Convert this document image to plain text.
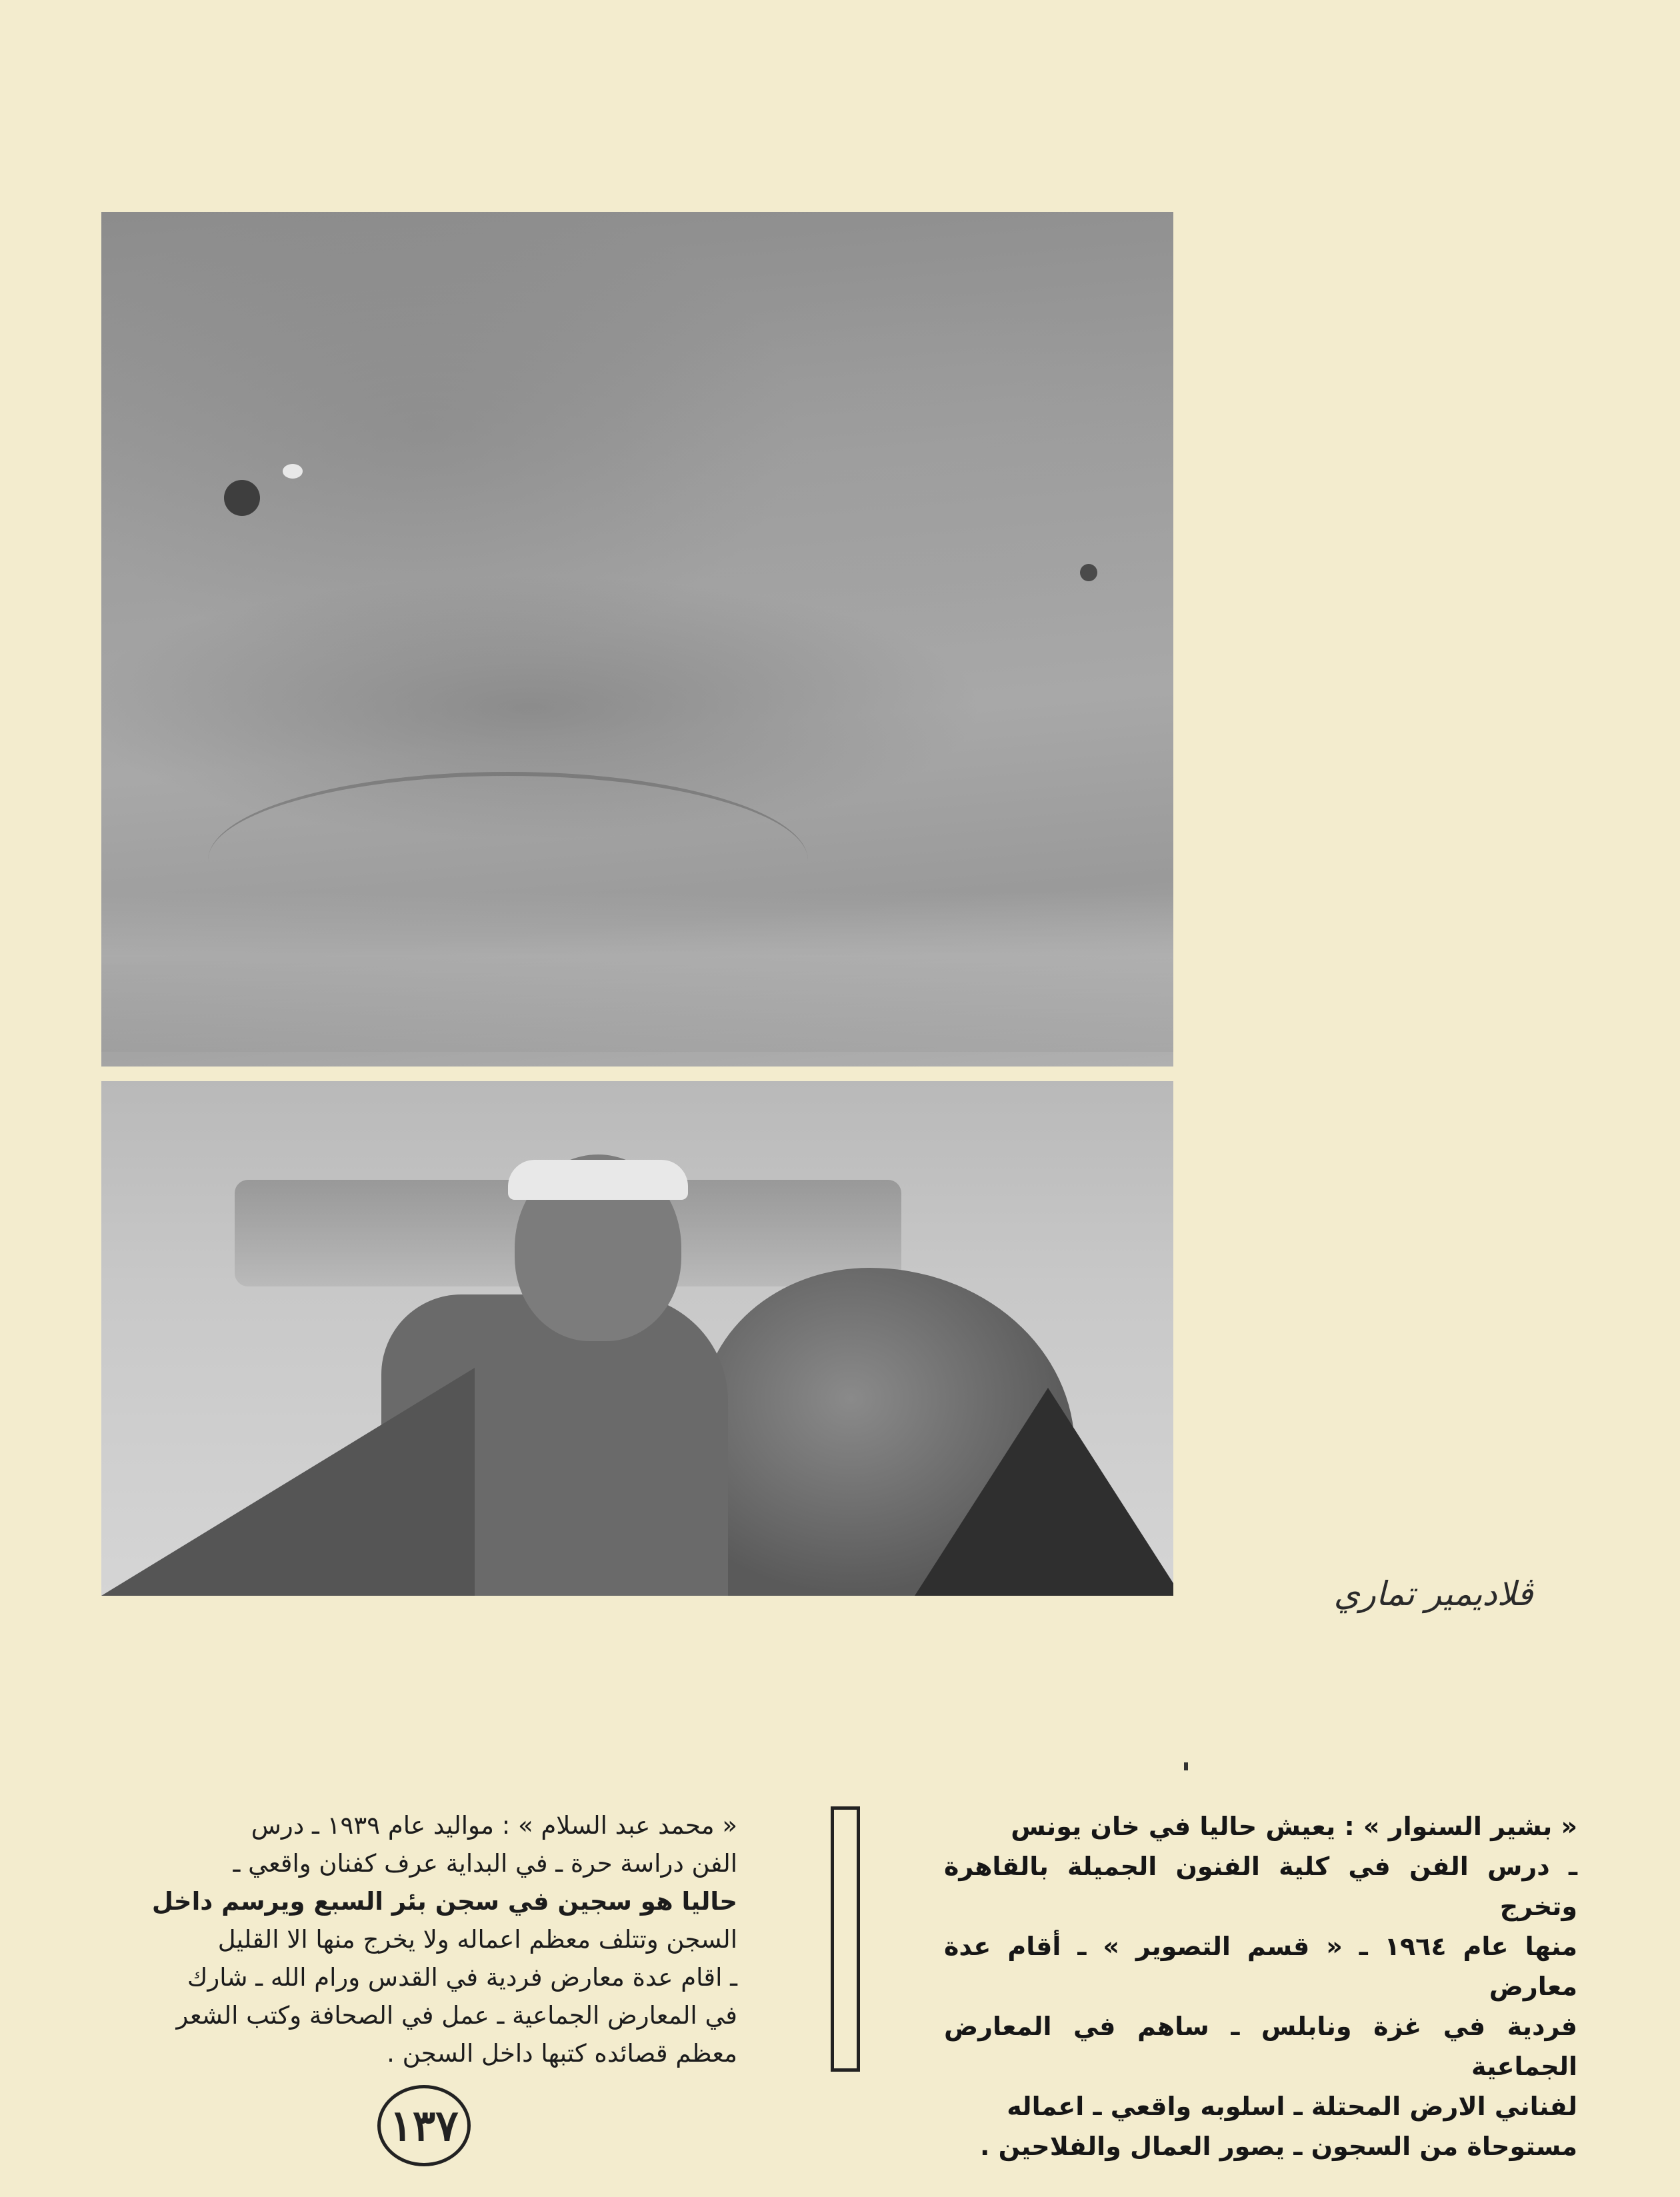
ڤلاديمير تماري

« بشير السنوار » : يعيش حاليا في خان يونس

ـ درس الفن في كلية الفنون الجميلة بالقاهرة وتخرج

منها عام ١٩٦٤ ـ « قسم التصوير » ـ أقام عدة معارض

فردية في غزة ونابلس ـ ساهم في المعارض الجماعية

لفناني الارض المحتلة ـ اسلوبه واقعي ـ اعماله

مستوحاة من السجون ـ يصور العمال والفلاحين .

« محمد عبد السلام » : مواليد عام ١٩٣٩ ـ درس

الفن دراسة حرة ـ في البداية عرف كفنان واقعي ـ

حاليا هو سجين في سجن بئر السبع ويرسم داخل

السجن وتتلف معظم اعماله ولا يخرج منها الا القليل

ـ اقام عدة معارض فردية في القدس ورام الله ـ شارك

في المعارض الجماعية ـ عمل في الصحافة وكتب الشعر

معظم قصائده كتبها داخل السجن .

١٣٧
